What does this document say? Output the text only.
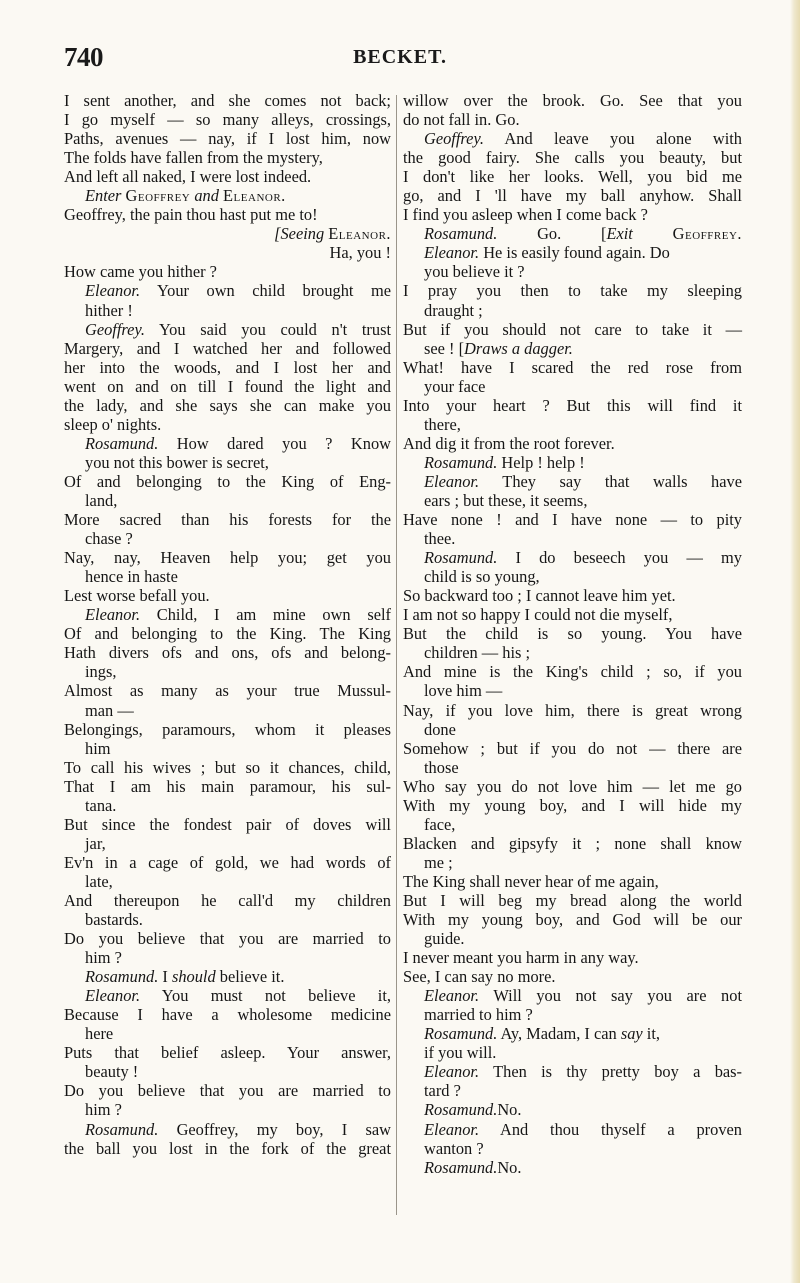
740	BECKET.
I sent another, and she comes not back;
I go myself — so many alleys, crossings,
Paths, avenues — nay, if I lost him, now
The folds have fallen from the mystery,
And left all naked, I were lost indeed.
Enter Geoffrey and Eleanor.
Geoffrey, the pain thou hast put me to!
[Seeing Eleanor.
Ha, you !
How came you hither ?
Eleanor. Your own child brought me
hither !
Geoffrey. You said you could n't trust
Margery, and I watched her and followed
her into the woods, and I lost her and
went on and on till I found the light and
the lady, and she says she can make you
sleep o' nights.
Rosamund. How dared you ? Know
you not this bower is secret,
Of and belonging to the King of Eng-
land,
More sacred than his forests for the
chase ?
Nay, nay, Heaven help you; get you
hence in haste
Lest worse befall you.
Eleanor. Child, I am mine own self
Of and belonging to the King. The King
Hath divers ofs and ons, ofs and belong-
ings,
Almost as many as your true Mussul-
man —
Belongings, paramours, whom it pleases
him
To call his wives ; but so it chances, child,
That I am his main paramour, his sul-
tana.
But since the fondest pair of doves will
jar,
Ev'n in a cage of gold, we had words of
late,
And thereupon he call'd my children
bastards.
Do you believe that you are married to
him ?
Rosamund. I should believe it.
Eleanor. You must not believe it,
Because I have a wholesome medicine
here
Puts that belief asleep. Your answer,
beauty !
Do you believe that you are married to
him ?
Rosamund. Geoffrey, my boy, I saw
the ball you lost in the fork of the great
willow over the brook. Go. See that you
do not fall in. Go.
Geoffrey. And leave you alone with
the good fairy. She calls you beauty, but
I don't like her looks. Well, you bid me
go, and I 'll have my ball anyhow. Shall
I find you asleep when I come back ?
Rosamund. Go. [Exit Geoffrey.
Eleanor. He is easily found again. Do
you believe it ?
I pray you then to take my sleeping
draught ;
But if you should not care to take it —
see ! [Draws a dagger.
What! have I scared the red rose from
your face
Into your heart ? But this will find it
there,
And dig it from the root forever.
Rosamund. Help ! help !
Eleanor. They say that walls have
ears ; but these, it seems,
Have none ! and I have none — to pity
thee.
Rosamund. I do beseech you — my
child is so young,
So backward too ; I cannot leave him yet.
I am not so happy I could not die myself,
But the child is so young. You have
children — his ;
And mine is the King's child ; so, if you
love him —
Nay, if you love him, there is great wrong
done
Somehow ; but if you do not — there are
those
Who say you do not love him — let me go
With my young boy, and I will hide my
face,
Blacken and gipsyfy it ; none shall know
me ;
The King shall never hear of me again,
But I will beg my bread along the world
With my young boy, and God will be our
guide.
I never meant you harm in any way.
See, I can say no more.
Eleanor. Will you not say you are not
married to him ?
Rosamund. Ay, Madam, I can say it,
if you will.
Eleanor. Then is thy pretty boy a bas-
tard ?
Rosamund.No.
Eleanor. And thou thyself a proven
wanton ?
Rosamund.No.
